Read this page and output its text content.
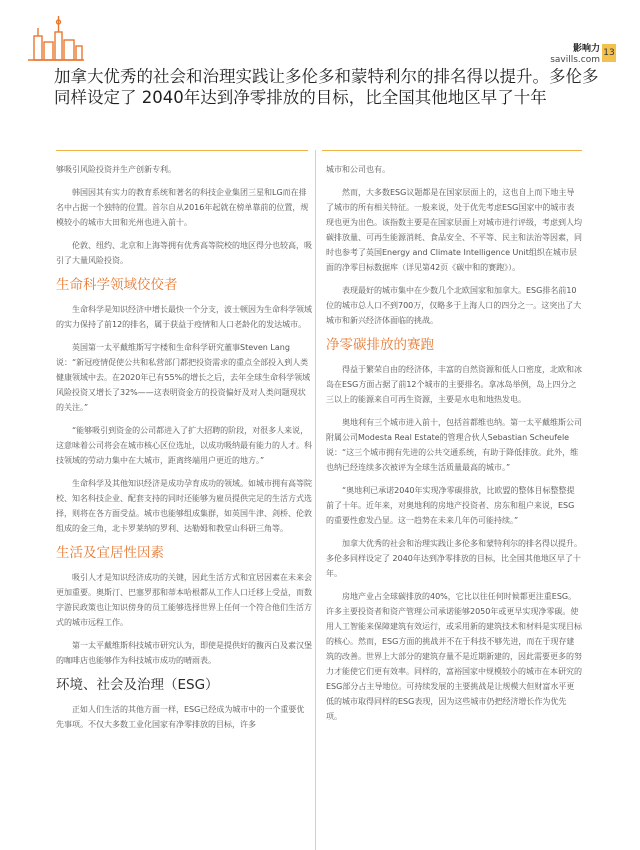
影响力
savills.com
13
加拿大优秀的社会和治理实践让多伦多和蒙特利尔的排名得以提升。多伦多同样设定了 2040年达到净零排放的目标，比全国其他地区早了十年

够吸引风险投资并生产创新专利。

韩国因其有实力的教育系统和著名的科技企业集团三星和LG而在排名中占据一个独特的位置。首尔自从2016年起就在榜单靠前的位置，规模较小的城市大田和光州也进入前十。

伦敦、纽约、北京和上海等拥有优秀高等院校的地区得分也较高，吸引了大量风险投资。

生命科学领域佼佼者

生命科学是知识经济中增长最快一个分支，波士顿因为生命科学领域的实力保持了前12的排名，属于获益于疫情和人口老龄化的发达城市。

英国第一太平戴维斯写字楼和生命科学研究董事Steven Lang说：“新冠疫情促使公共和私营部门都把投资需求的重点全部投入到人类健康领域中去。在2020年已有55%的增长之后，去年全球生命科学领域风险投资又增长了32%——这表明资金方的投资偏好及对人类问题现状的关注。”

“能够吸引到资金的公司都进入了扩大招聘的阶段，对很多人来说，这意味着公司将会在城市核心区位选址，以成功吸纳最有能力的人才。科技领域的劳动力集中在大城市，距离终端用户更近的地方。”

生命科学及其他知识经济是成功孕育成功的领域。如城市拥有高等院校、知名科技企业、配套支持的同时还能够为雇员提供完足的生活方式选择，则将在各方面受益。城市也能够组成集群，如英国牛津、剑桥、伦敦组成的金三角，北卡罗莱纳的罗利、达勒姆和教堂山科研三角等。

生活及宜居性因素

吸引人才是知识经济成功的关键，因此生活方式和宜居因素在未来会更加重要。奥斯汀、巴塞罗那和蒂本哈根都从工作人口迁移上受益，而数字游民政策也让知识傍身的员工能够选择世界上任何一个符合他们生活方式的城市远程工作。

第一太平戴维斯科技城市研究认为，即使是提供好的馥丙白及素汉堡的咖啡店也能够作为科技城市成功的晴雨表。

环境、社会及治理（ESG）

正如人们生活的其他方面一样，ESG已经成为城市中的一个重要优先事项。不仅大多数工业化国家有净零排放的目标，许多

城市和公司也有。

然而，大多数ESG议题都是在国家层面上的，这也自上而下地主导了城市的所有相关特征。一般来说，处于优先考虑ESG国家中的城市表现也更为出色。该指数主要是在国家层面上对城市进行评级，考虑到人均碳排放量、可再生能源消耗、食品安全、不平等、民主和法治等因素，同时也参考了英国Energy and Climate Intelligence Unit组织在城市层面的净零目标数据库（详见第42页《碳中和的赛跑》）。

表现最好的城市集中在少数几个北欧国家和加拿大。ESG排名前10位的城市总人口不到700万，仅略多于上海人口的四分之一。这突出了大城市和新兴经济体面临的挑战。

净零碳排放的赛跑

得益于繁荣自由的经济体，丰富的自然资源和低人口密度，北欧和冰岛在ESG方面占据了前12个城市的主要排名。拿冰岛举例，岛上四分之三以上的能源来自可再生资源，主要是水电和地热发电。

奥地利有三个城市进入前十，包括首都维也纳。第一太平戴维斯公司附属公司Modesta Real Estate的管理合伙人Sebastian Scheufele 说：“这三个城市拥有先进的公共交通系统，有助于降低排放。此外，维也纳已经连续多次被评为全球生活质量最高的城市。”

“奥地利已承诺2040年实现净零碳排放，比欧盟的整体目标整整提前了十年。近年来，对奥地利的房地产投资者、房东和租户来说，ESG的重要性愈发凸显。这一趋势在未来几年仍可能持续。”

加拿大优秀的社会和治理实践让多伦多和蒙特利尔的排名得以提升。多伦多同样设定了 2040年达到净零排放的目标，比全国其他地区早了十年。

房地产业占全球碳排放的40%，它比以往任何时候都更注重ESG。许多主要投资者和资产管理公司承诺能够2050年或更早实现净零碳。使用人工智能来保障建筑有效运行，或采用新的建筑技术和材料是实现目标的核心。然而，ESG方面的挑战并不在于科技不够先进，而在于现存建筑的改善。世界上大部分的建筑存量不是近期新建的，因此需要更多的努力才能使它们更有效率。同样的，富裕国家中规模较小的城市在本研究的ESG部分占主导地位。可持续发展的主要挑战是让规模大但财富水平更低的城市取得同样的ESG表现，因为这些城市仍把经济增长作为优先项。
